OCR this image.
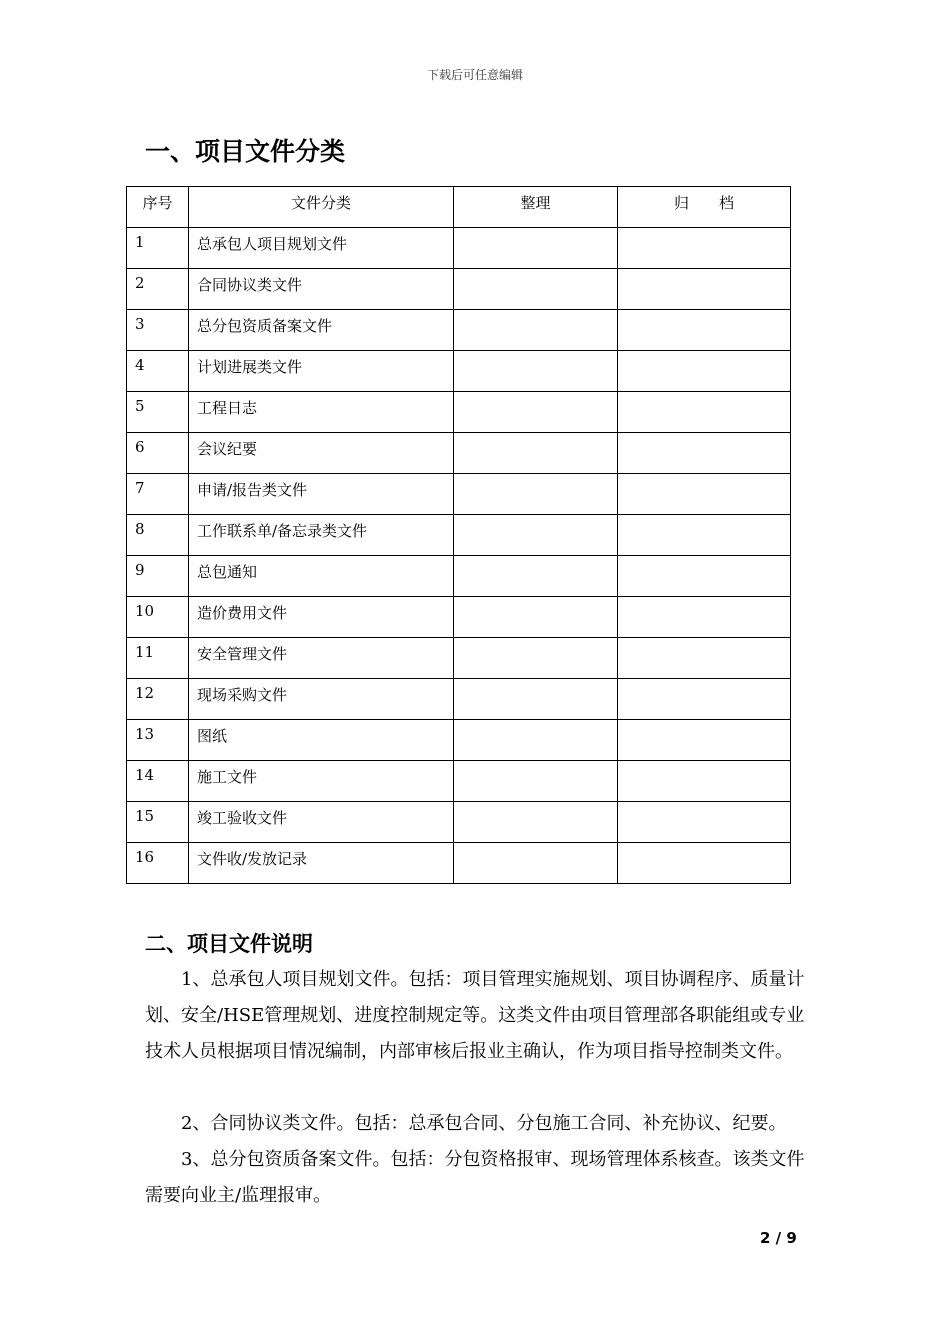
下载后可任意编辑
一、项目文件分类
序号	文件分类	整理	归　　档
1	总承包人项目规划文件		
2	合同协议类文件		
3	总分包资质备案文件		
4	计划进展类文件		
5	工程日志		
6	会议纪要		
7	申请/报告类文件		
8	工作联系单/备忘录类文件		
9	总包通知		
10	造价费用文件		
11	安全管理文件		
12	现场采购文件		
13	图纸		
14	施工文件		
15	竣工验收文件		
16	文件收/发放记录		
二、项目文件说明
1、总承包人项目规划文件。包括：项目管理实施规划、项目协调程序、质量计划、安全/HSE管理规划、进度控制规定等。这类文件由项目管理部各职能组或专业技术人员根据项目情况编制，内部审核后报业主确认，作为项目指导控制类文件。
2、合同协议类文件。包括：总承包合同、分包施工合同、补充协议、纪要。
3、总分包资质备案文件。包括：分包资格报审、现场管理体系核查。该类文件需要向业主/监理报审。
2 / 9
